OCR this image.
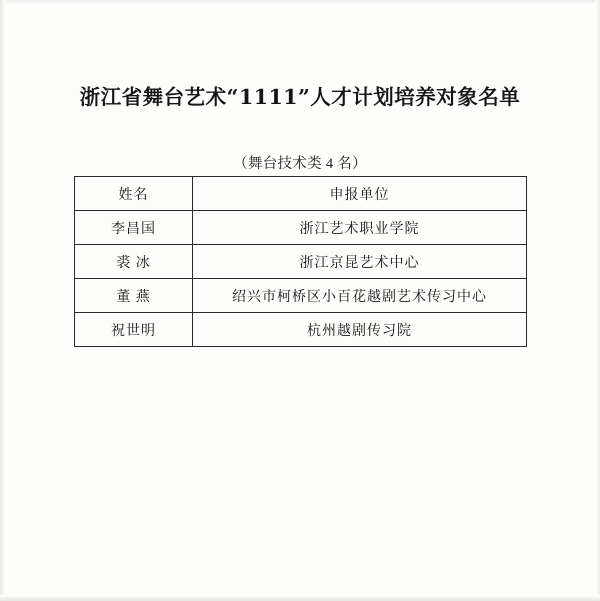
浙江省舞台艺术“1111”人才计划培养对象名单
（舞台技术类 4 名）
姓名	申报单位
李昌国	浙江艺术职业学院
裘 冰	浙江京昆艺术中心
董 燕	绍兴市柯桥区小百花越剧艺术传习中心
祝世明	杭州越剧传习院
